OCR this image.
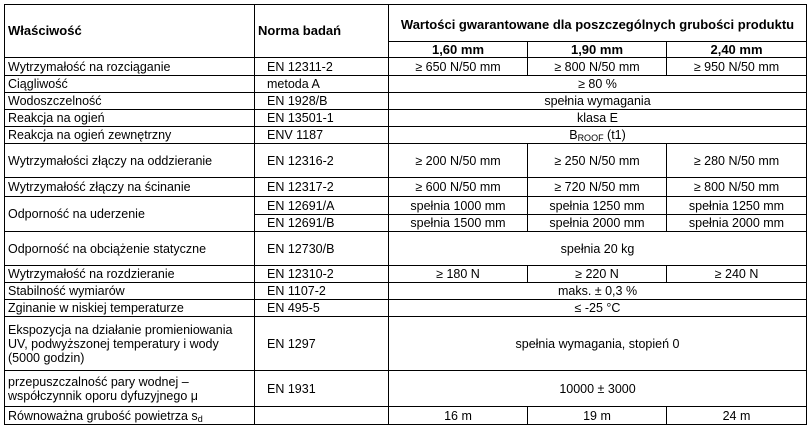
Właściwość	Norma badań	Wartości gwarantowane dla poszczególnych grubości produktu		
		1,60 mm	1,90 mm	2,40 mm
Wytrzymałość na rozciąganie	EN 12311-2	≥ 650 N/50 mm	≥ 800 N/50 mm	≥ 950 N/50 mm
Ciągliwość	metoda A	≥ 80 %		
Wodoszczelność	EN 1928/B	spełnia wymagania		
Reakcja na ogień	EN 13501-1	klasa E		
Reakcja na ogień zewnętrzny	ENV 1187	$B_{ROOF}$ (t1)		
Wytrzymałości złączy na oddzieranie	EN 12316-2	≥ 200 N/50 mm	≥ 250 N/50 mm	≥ 280 N/50 mm
Wytrzymałość złączy na ścinanie	EN 12317-2	≥ 600 N/50 mm	≥ 720 N/50 mm	≥ 800 N/50 mm
Odporność na uderzenie	EN 12691/A	spełnia 1000 mm	spełnia 1250 mm	spełnia 1250 mm
	EN 12691/B	spełnia 1500 mm	spełnia 2000 mm	spełnia 2000 mm
Odporność na obciążenie statyczne	EN 12730/B	spełnia 20 kg		
Wytrzymałość na rozdzieranie	EN 12310-2	≥ 180 N	≥ 220 N	≥ 240 N
Stabilność wymiarów	EN 1107-2	maks. ± 0,3 %		
Zginanie w niskiej temperaturze	EN 495-5	≤ -25 °C		
Ekspozycja na działanie promieniowania UV, podwyższonej temperatury i wody (5000 godzin)	EN 1297	spełnia wymagania, stopień 0		
przepuszczalność pary wodnej – współczynnik oporu dyfuzyjnego μ	EN 1931	10000 ± 3000		
Równoważna grubość powietrza $s_d$		16 m	19 m	24 m
